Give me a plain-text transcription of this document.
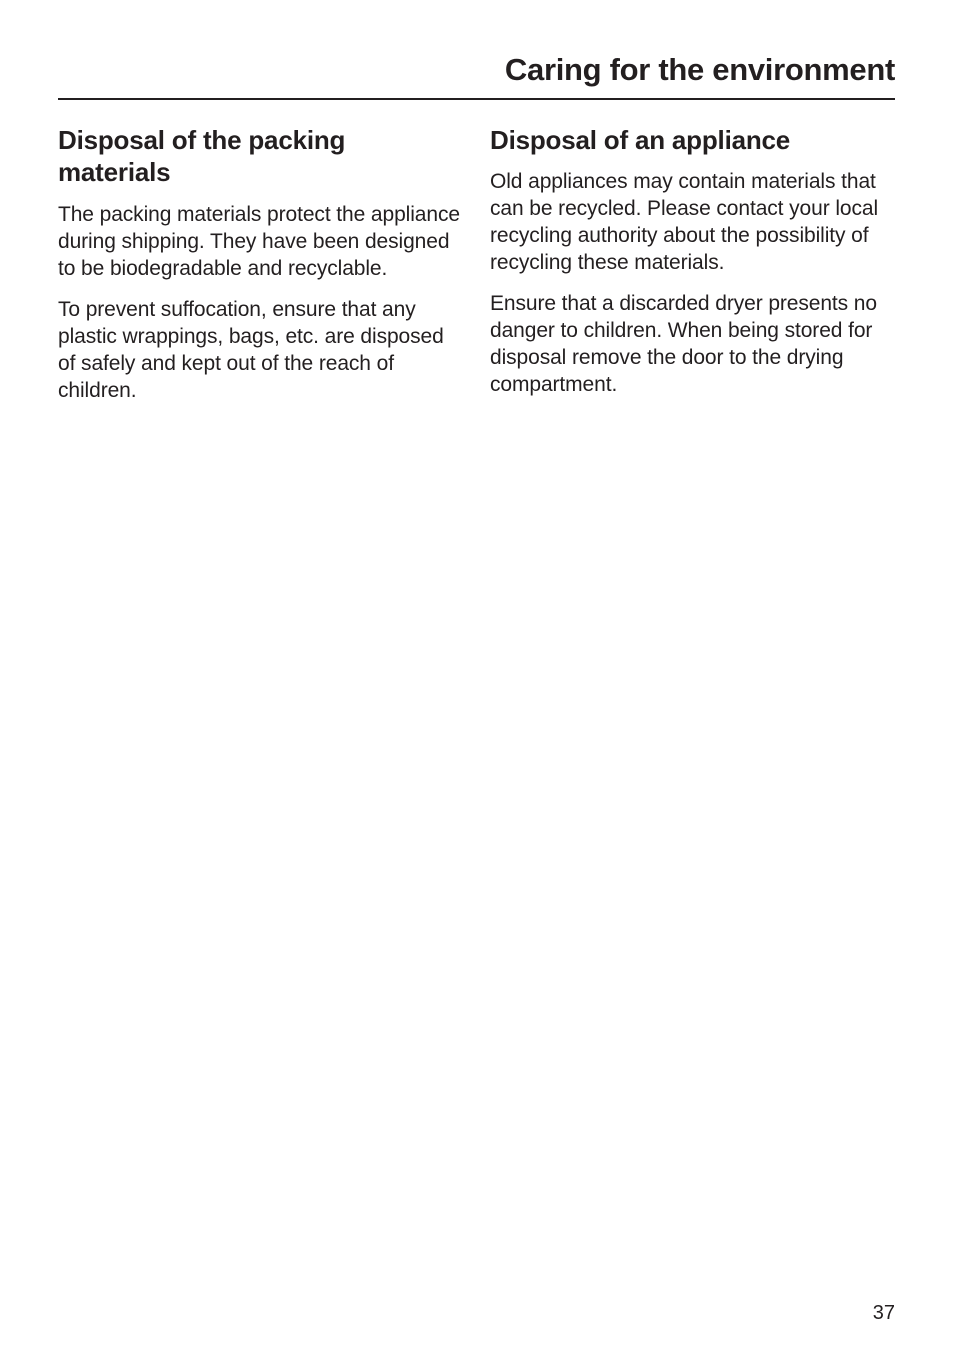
Caring for the environment
Disposal of the packing materials

The packing materials protect the appliance during shipping. They have been designed to be biodegradable and recyclable.

To prevent suffocation, ensure that any plastic wrappings, bags, etc. are disposed of safely and kept out of the reach of children.

Disposal of an appliance

Old appliances may contain materials that can be recycled. Please contact your local recycling authority about the possibility of recycling these materials.

Ensure that a discarded dryer presents no danger to children. When being stored for disposal remove the door to the drying compartment.

37
